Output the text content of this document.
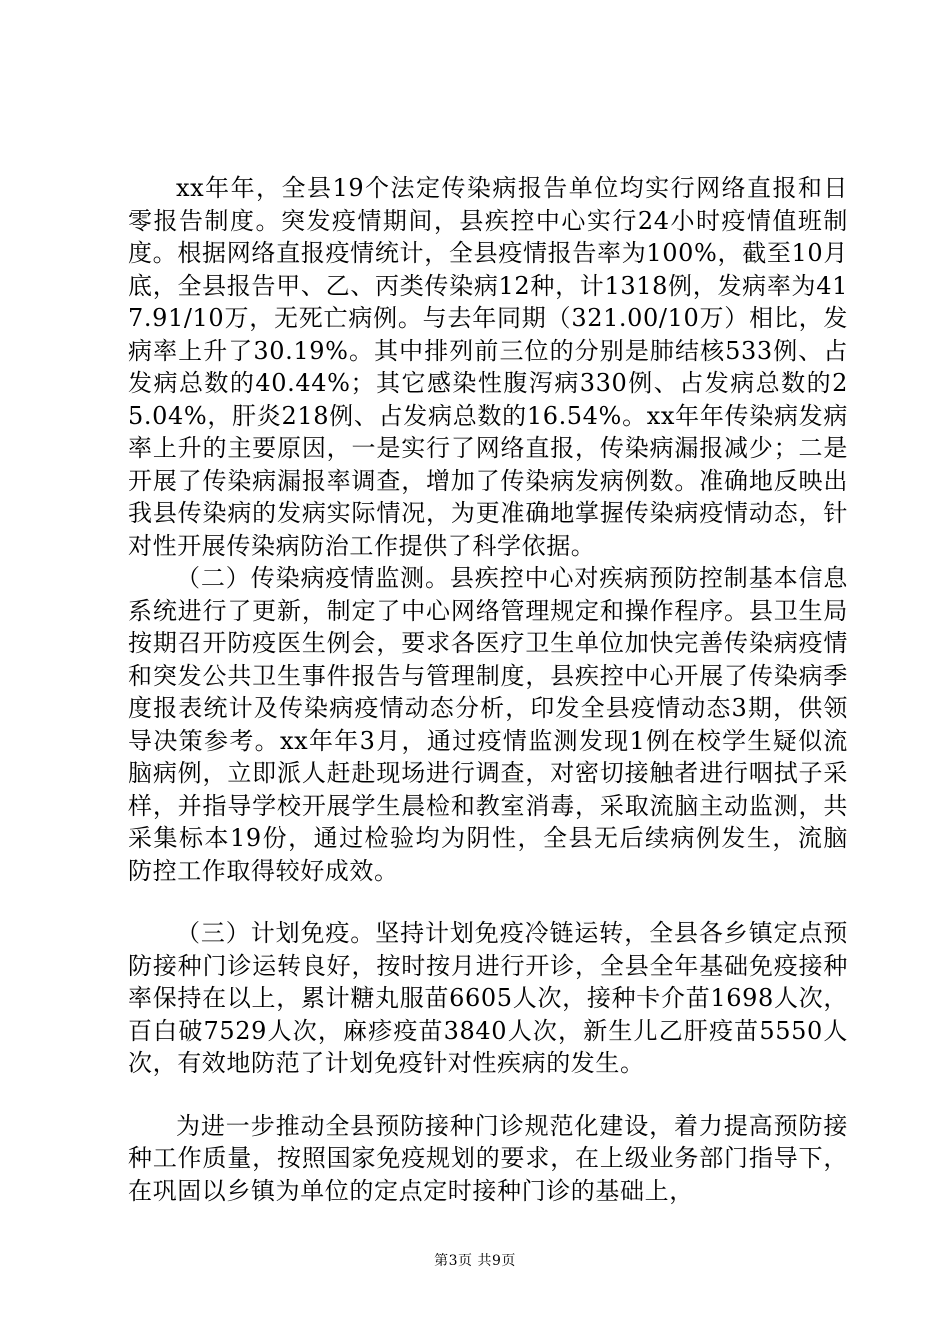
xx年年，全县19个法定传染病报告单位均实行网络直报和日零报告制度。突发疫情期间，县疾控中心实行24小时疫情值班制度。根据网络直报疫情统计，全县疫情报告率为100%，截至10月底，全县报告甲、乙、丙类传染病12种，计1318例，发病率为417.91/10万，无死亡病例。与去年同期（321.00/10万）相比，发病率上升了30.19%。其中排列前三位的分别是肺结核533例、占发病总数的40.44%；其它感染性腹泻病330例、占发病总数的25.04%，肝炎218例、占发病总数的16.54%。xx年年传染病发病率上升的主要原因，一是实行了网络直报，传染病漏报减少；二是开展了传染病漏报率调查，增加了传染病发病例数。准确地反映出我县传染病的发病实际情况，为更准确地掌握传染病疫情动态，针对性开展传染病防治工作提供了科学依据。

（二）传染病疫情监测。县疾控中心对疾病预防控制基本信息系统进行了更新，制定了中心网络管理规定和操作程序。县卫生局按期召开防疫医生例会，要求各医疗卫生单位加快完善传染病疫情和突发公共卫生事件报告与管理制度，县疾控中心开展了传染病季度报表统计及传染病疫情动态分析，印发全县疫情动态3期，供领导决策参考。xx年年3月，通过疫情监测发现1例在校学生疑似流脑病例，立即派人赶赴现场进行调查，对密切接触者进行咽拭子采样，并指导学校开展学生晨检和教室消毒，采取流脑主动监测，共采集标本19份，通过检验均为阴性，全县无后续病例发生，流脑防控工作取得较好成效。

（三）计划免疫。坚持计划免疫冷链运转，全县各乡镇定点预防接种门诊运转良好，按时按月进行开诊，全县全年基础免疫接种率保持在以上，累计糖丸服苗6605人次，接种卡介苗1698人次，百白破7529人次，麻疹疫苗3840人次，新生儿乙肝疫苗5550人次，有效地防范了计划免疫针对性疾病的发生。

为进一步推动全县预防接种门诊规范化建设，着力提高预防接种工作质量，按照国家免疫规划的要求，在上级业务部门指导下，在巩固以乡镇为单位的定点定时接种门诊的基础上，

第3页 共9页
